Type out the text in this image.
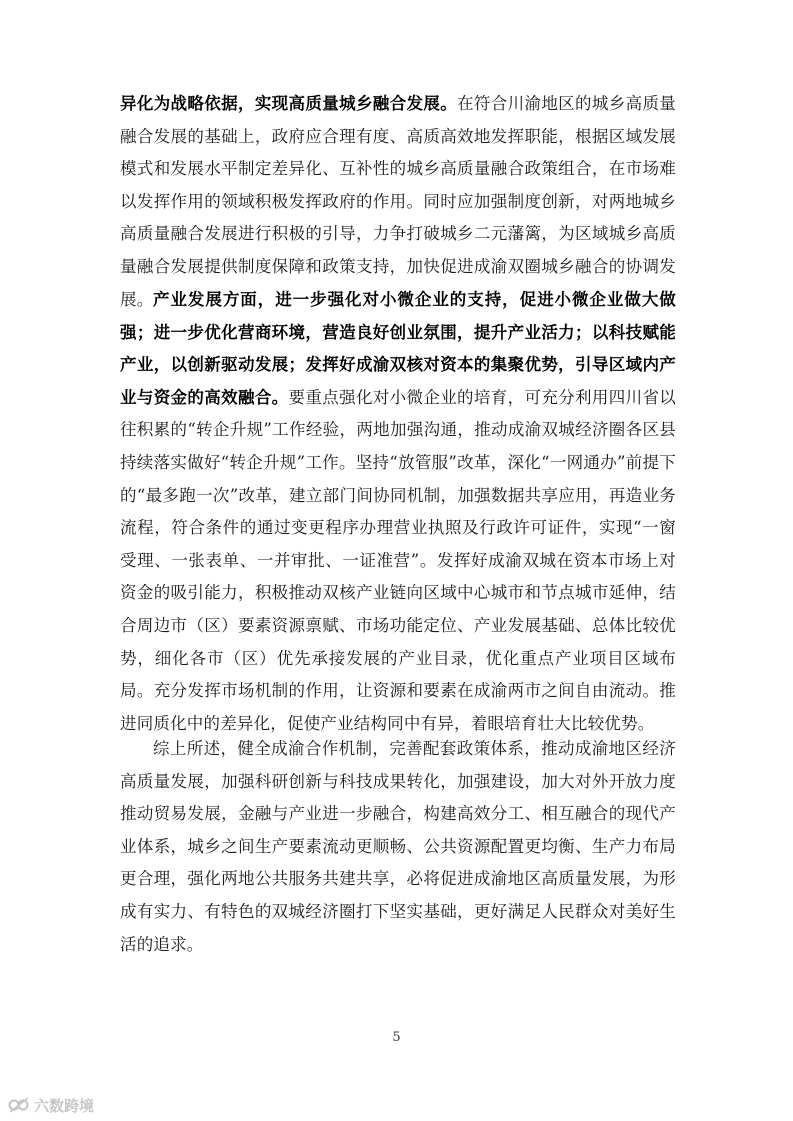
异化为战略依据，实现高质量城乡融合发展。在符合川渝地区的城乡高质量融合发展的基础上，政府应合理有度、高质高效地发挥职能，根据区域发展模式和发展水平制定差异化、互补性的城乡高质量融合政策组合，在市场难以发挥作用的领域积极发挥政府的作用。同时应加强制度创新，对两地城乡高质量融合发展进行积极的引导，力争打破城乡二元藩篱，为区域城乡高质量融合发展提供制度保障和政策支持，加快促进成渝双圈城乡融合的协调发展。 产业发展方面，进一步强化对小微企业的支持，促进小微企业做大做强；进一步优化营商环境，营造良好创业氛围，提升产业活力；以科技赋能产业，以创新驱动发展；发挥好成渝双核对资本的集聚优势，引导区域内产业与资金的高效融合。要重点强化对小微企业的培育，可充分利用四川省以往积累的“转企升规”工作经验，两地加强沟通，推动成渝双城经济圈各区县持续落实做好“转企升规”工作。坚持“放管服”改革，深化“一网通办”前提下的“最多跑一次”改革，建立部门间协同机制，加强数据共享应用，再造业务流程，符合条件的通过变更程序办理营业执照及行政许可证件，实现“一窗受理、一张表单、一并审批、一证准营”。发挥好成渝双城在资本市场上对资金的吸引能力，积极推动双核产业链向区域中心城市和节点城市延伸，结合周边市（区）要素资源禀赋、市场功能定位、产业发展基础、总体比较优势，细化各市（区）优先承接发展的产业目录，优化重点产业项目区域布局。充分发挥市场机制的作用，让资源和要素在成渝两市之间自由流动。推进同质化中的差异化，促使产业结构同中有异，着眼培育壮大比较优势。

综上所述，健全成渝合作机制，完善配套政策体系，推动成渝地区经济高质量发展，加强科研创新与科技成果转化，加强建设，加大对外开放力度推动贸易发展，金融与产业进一步融合，构建高效分工、相互融合的现代产业体系，城乡之间生产要素流动更顺畅、公共资源配置更均衡、生产力布局更合理，强化两地公共服务共建共享，必将促进成渝地区高质量发展，为形成有实力、有特色的双城经济圈打下坚实基础，更好满足人民群众对美好生活的追求。

5
六数跨境
